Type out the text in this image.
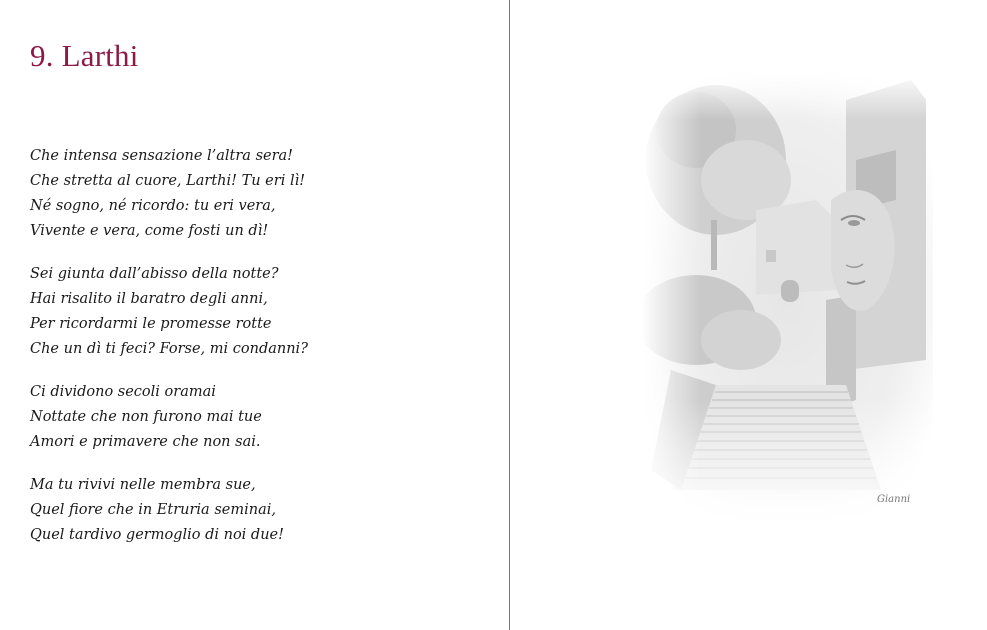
9. Larthi
Che intensa sensazione l’altra sera!
Che stretta al cuore, Larthi! Tu eri lì!
Né sogno, né ricordo: tu eri vera,
Vivente e vera, come fosti un dì!
Sei giunta dall’abisso della notte?
Hai risalito il baratro degli anni,
Per ricordarmi le promesse rotte
Che un dì ti feci? Forse, mi condanni?
Ci dividono secoli oramai
Nottate che non furono mai tue
Amori e primavere che non sai.
Ma tu rivivi nelle membra sue,
Quel fiore che in Etruria seminai,
Quel tardivo germoglio di noi due!
Gianni
